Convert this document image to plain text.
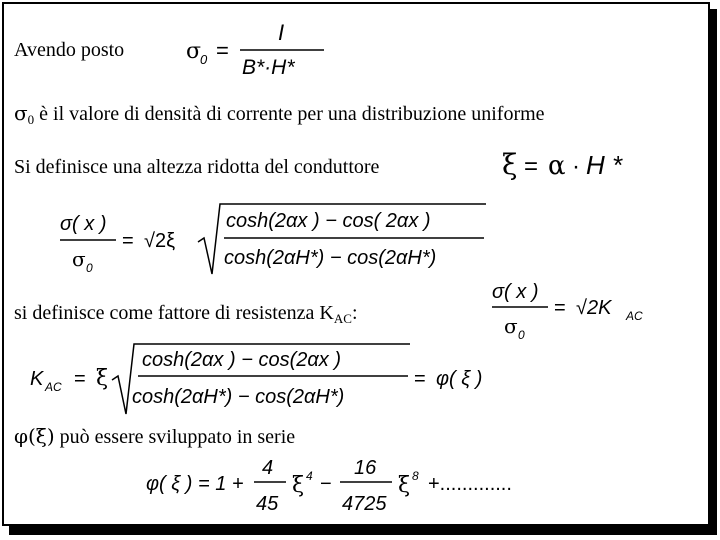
Avendo posto	σ
0 =
I
B*·H*
$\sigma_0$ è il valore di densità di corrente per una distribuzione uniforme
Si definisce una altezza ridotta del conduttore	ξ = α · H *
σ( x )
σ 0
= √2ξ
cosh(2αx ) − cos( 2αx )
cosh(2αH*) − cos(2αH*)
si definisce come fattore di resistenza $K_{AC}$:
σ( x )
σ 0
= √2K AC
K AC = ξ
cosh(2αx ) − cos(2αx )
cosh(2αH*) − cos(2αH*)
= φ( ξ )
φ(ξ) può essere sviluppato in serie
φ( ξ ) = 1 +
4
45
ξ 4 −
16
4725
ξ 8 +.............
